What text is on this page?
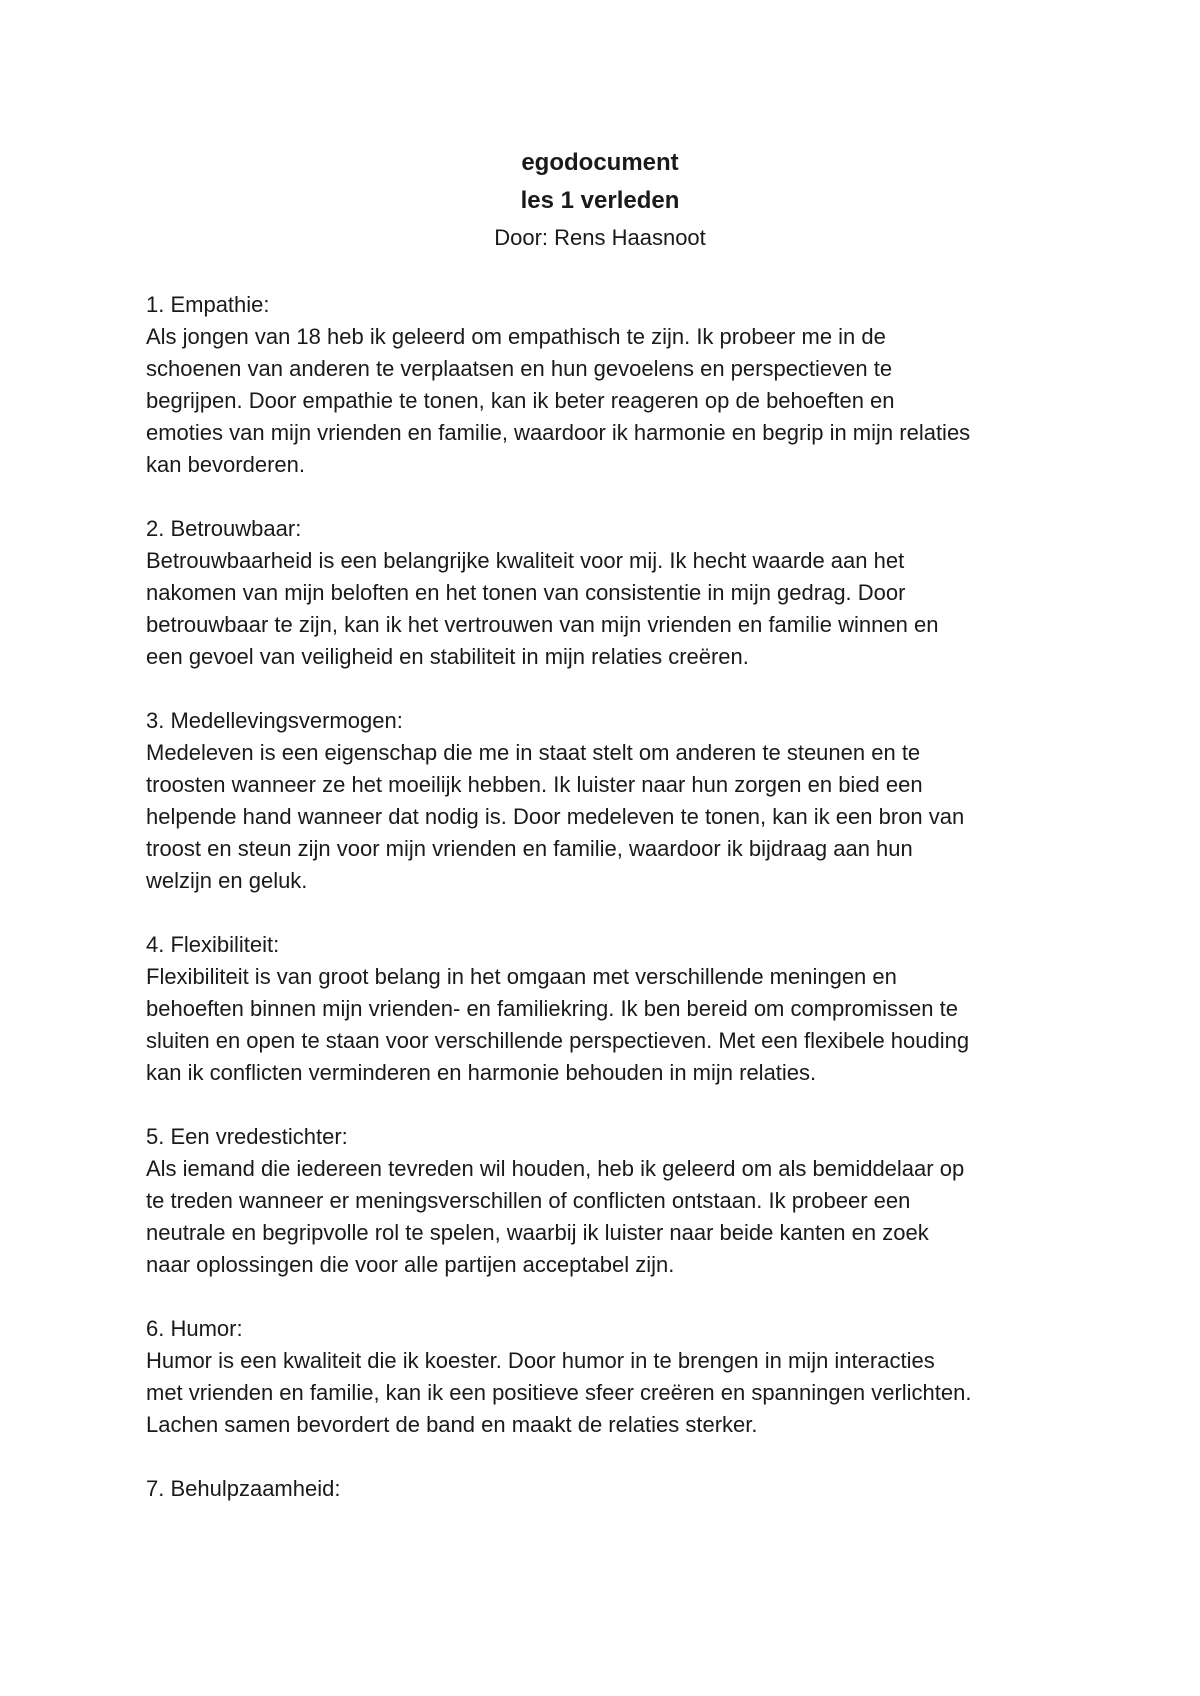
egodocument

les 1 verleden

Door: Rens Haasnoot

1. Empathie:

Als jongen van 18 heb ik geleerd om empathisch te zijn. Ik probeer me in de
schoenen van anderen te verplaatsen en hun gevoelens en perspectieven te
begrijpen. Door empathie te tonen, kan ik beter reageren op de behoeften en
emoties van mijn vrienden en familie, waardoor ik harmonie en begrip in mijn relaties
kan bevorderen.

2. Betrouwbaar:

Betrouwbaarheid is een belangrijke kwaliteit voor mij. Ik hecht waarde aan het
nakomen van mijn beloften en het tonen van consistentie in mijn gedrag. Door
betrouwbaar te zijn, kan ik het vertrouwen van mijn vrienden en familie winnen en
een gevoel van veiligheid en stabiliteit in mijn relaties creëren.

3. Medellevingsvermogen:

Medeleven is een eigenschap die me in staat stelt om anderen te steunen en te
troosten wanneer ze het moeilijk hebben. Ik luister naar hun zorgen en bied een
helpende hand wanneer dat nodig is. Door medeleven te tonen, kan ik een bron van
troost en steun zijn voor mijn vrienden en familie, waardoor ik bijdraag aan hun
welzijn en geluk.

4. Flexibiliteit:

Flexibiliteit is van groot belang in het omgaan met verschillende meningen en
behoeften binnen mijn vrienden- en familiekring. Ik ben bereid om compromissen te
sluiten en open te staan voor verschillende perspectieven. Met een flexibele houding
kan ik conflicten verminderen en harmonie behouden in mijn relaties.

5. Een vredestichter:

Als iemand die iedereen tevreden wil houden, heb ik geleerd om als bemiddelaar op
te treden wanneer er meningsverschillen of conflicten ontstaan. Ik probeer een
neutrale en begripvolle rol te spelen, waarbij ik luister naar beide kanten en zoek
naar oplossingen die voor alle partijen acceptabel zijn.

6. Humor:

Humor is een kwaliteit die ik koester. Door humor in te brengen in mijn interacties
met vrienden en familie, kan ik een positieve sfeer creëren en spanningen verlichten.
Lachen samen bevordert de band en maakt de relaties sterker.

7. Behulpzaamheid:
